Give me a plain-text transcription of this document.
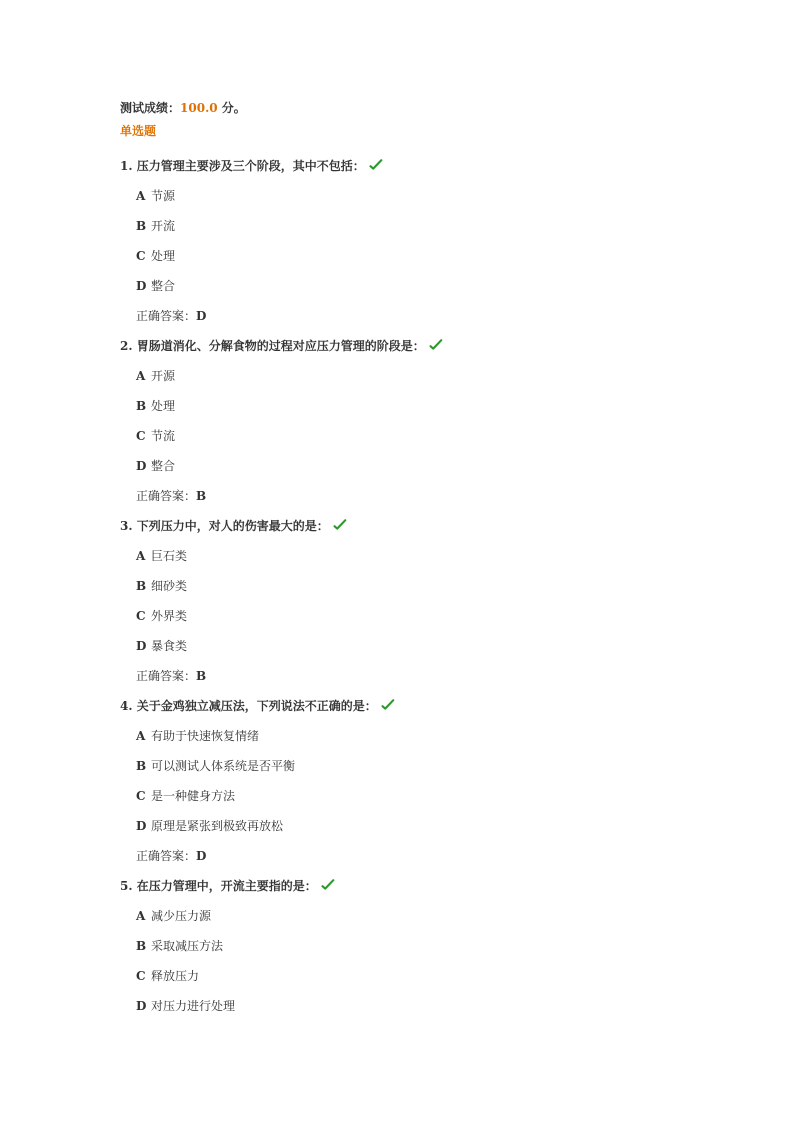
测试成绩：100.0 分。
单选题
1. 压力管理主要涉及三个阶段，其中不包括：
A 节源
B 开流
C 处理
D 整合
正确答案：D
2. 胃肠道消化、分解食物的过程对应压力管理的阶段是：
A 开源
B 处理
C 节流
D 整合
正确答案：B
3. 下列压力中，对人的伤害最大的是：
A 巨石类
B 细砂类
C 外界类
D 暴食类
正确答案：B
4. 关于金鸡独立减压法，下列说法不正确的是：
A 有助于快速恢复情绪
B 可以测试人体系统是否平衡
C 是一种健身方法
D 原理是紧张到极致再放松
正确答案：D
5. 在压力管理中，开流主要指的是：
A 减少压力源
B 采取减压方法
C 释放压力
D 对压力进行处理
